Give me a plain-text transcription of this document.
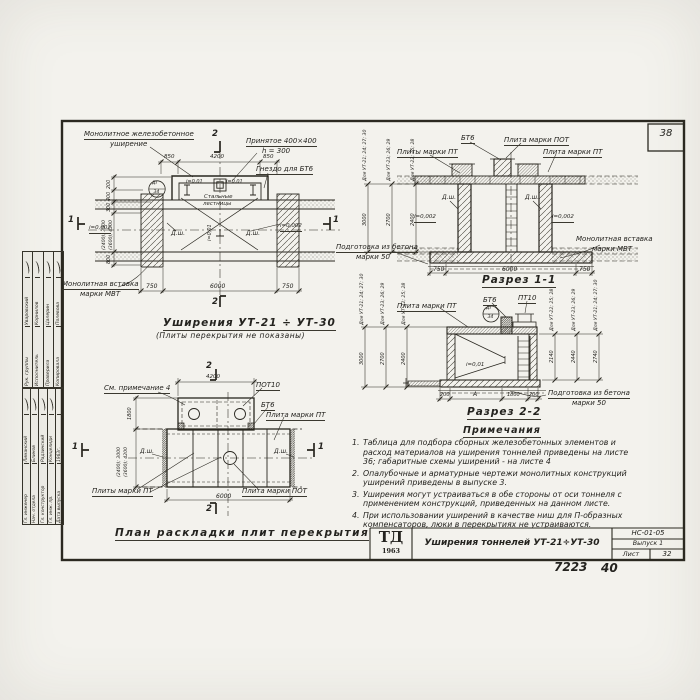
Монолитное железобетонное
уширение	Принятое 400×400
h = 300
Гнездо для БТ6
Стальные
лестницы
i=0,01	i=0,01
i=0,01
i=0,002	i=0,002
Д.ш.	Д.ш.
Монолитная вставка
марки МВТ
850	4200	850
750	6000	750
200
400
300
(2400); 3000 (3600); 4200
800
2
2
1	1
ДГ
34
Уширения УТ-21 ÷ УТ-30
(Плиты перекрытия не показаны)
БТ6	Плита марки ПОТ
Плиты марки ПТ	Плита марки ПТ
Д.ш.	Д.ш.
i=0,002	i=0,002
Монолитная вставка
марки МВТ
Подготовка из бетона
марки 50
750	6000	750
Для УТ-21; 24; 27; 30	Для УТ-23; 26; 29	Для УТ-22; 25; 28
3000	2700	2400
Разрез 1-1
Плита марки ПТ
БТ6	ПТ10
i=0,01
Подготовка из бетона
марки 50
200	А	1800 200
ДГ
34
Для УТ-21; 24; 27; 30	Для УТ-23; 26; 29	Для УТ-22; 25; 28
3000	2700	2400
Для УТ-22; 25; 28	Для УТ-23; 26; 29	Для УТ-21; 24; 27; 30
2140	2440	2740
Разрез 2-2
См. примечание 4	ПОТ10
БТ6
Плита марки ПТ
Д.ш.	Д.ш.
Плиты марки ПТ	Плита марки ПОТ
4200
6000
1800
(2400); 3000 (3600); 4200
2
2
1	1
План раскладки плит перекрытия
Примечания
1. Таблица для подбора сборных железобетонных элементов и расход материалов на уширения тоннелей приведены на листе 36; габаритные схемы уширений - на листе 4
2. Опалубочные и арматурные чертежи монолитных конструкций уширений приведены в выпуске 3.
3. Уширения могут устраиваться в обе стороны от оси тоннеля с применением конструкций, приведенных на данном листе.
4. При использовании уширений в качестве ниш для П-образных компенсаторов, люки в перекрытиях не устраиваются.
ТД
1963
Уширения тоннелей УТ-21÷УТ-30
НС-01-05
Выпуск 1
Лист	32
38
7223 40
Рук. группы
Уваровский
Исполнитель
Корнилов
Проверила
Цалерин
Копировала
Полевова
Гл. инженер
Лиманский
Нач. отдела
Блинов
Гл. конструктор
Радзинский
Гл. инж. пр.
Концелиди
Дата выпуска
1963г.
